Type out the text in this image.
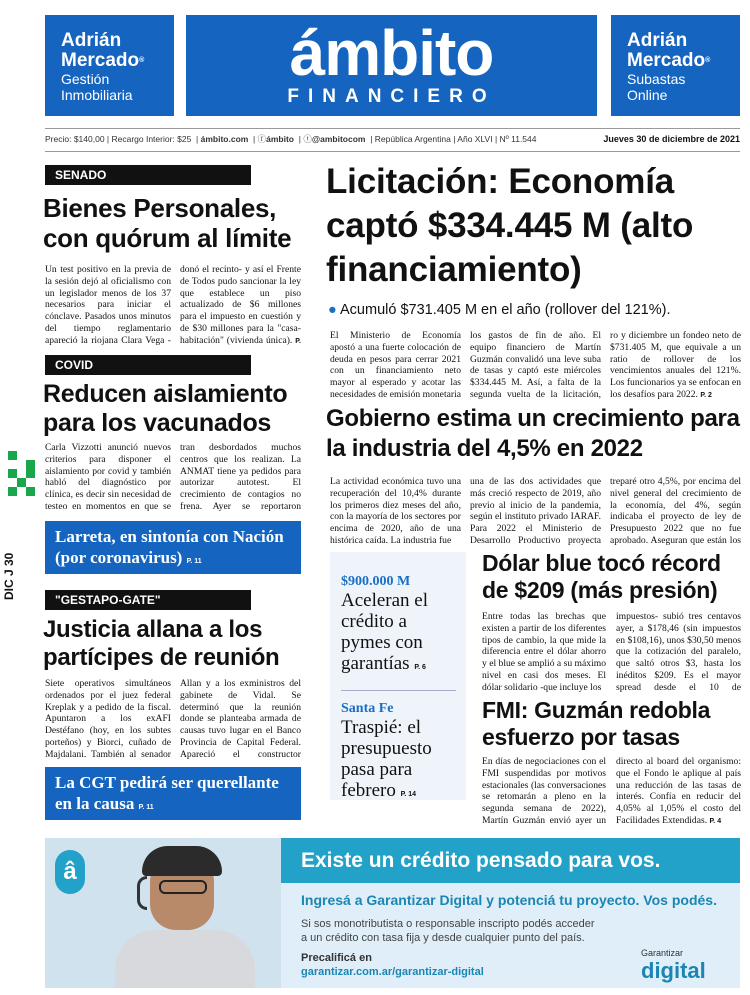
Adrián
Mercado®
Gestión
Inmobiliaria
ámbito
FINANCIERO
Adrián
Mercado®
Subastas
Online
Precio: $140,00 | Recargo Interior: $25  | ámbito.com  | ⓕámbito  | ⓣ@ambitocom  | República Argentina | Año XLVI | Nº 11.544	Jueves 30 de diciembre de 2021
DIC J 30
SENADO
Bienes Personales, con quórum al límite
Un test positivo en la previa de la sesión dejó al oficialismo con un legislador menos de los 37 necesarios para iniciar el cónclave. Pasados unos minutos del tiempo reglamentario apareció la riojana Clara Vega -
donó el recinto- y así el Frente de Todos pudo sancionar la ley que establece un piso actualizado de $6 millones para el impuesto en cuestión y de $30 millones para la "casa-habitación" (vivienda única). P.
COVID
Reducen aislamiento para los vacunados
Carla Vizzotti anunció nuevos criterios para disponer el aislamiento por covid y también habló del diagnóstico por clínica, es decir sin necesidad de testeo en momentos en que se
tran desbordados muchos centros que los realizan. La ANMAT tiene ya pedidos para autorizar autotest. El crecimiento de contagios no frena. Ayer se reportaron
Larreta, en sintonía con Nación (por coronavirus) P. 11
"GESTAPO-GATE"
Justicia allana a los partícipes de reunión
Siete operativos simultáneos ordenados por el juez federal Kreplak y a pedido de la fiscal. Apuntaron a los exAFI Destéfano (hoy, en los subtes porteños) y Biorci, cuñado de Majdalani. También al senador
Allan y a los exministros del gabinete de Vidal. Se determinó que la reunión donde se planteaba armada de causas tuvo lugar en el Banco Provincia de Capital Federal. Apareció el constructor
La CGT pedirá ser querellante en la causa P. 11
Licitación: Economía captó $334.445 M (alto financiamiento)
● Acumuló $731.405 M en el año (rollover del 121%).
El Ministerio de Economía apostó a una fuerte colocación de deuda en pesos para cerrar 2021 con un financiamiento neto mayor al esperado y acotar las necesidades de emisión monetaria
los gastos de fin de año. El equipo financiero de Martín Guzmán convalidó una leve suba de tasas y captó este miércoles $334.445 M. Así, a falta de la segunda vuelta de la licitación,
ro y diciembre un fondeo neto de $731.405 M, que equivale a un ratio de rollover de los vencimientos anuales del 121%. Los funcionarios ya se enfocan en los desafíos para 2022. P. 2
Gobierno estima un crecimiento para la industria del 4,5% en 2022
La actividad económica tuvo una recuperación del 10,4% durante los primeros diez meses del año, con la mayoría de los sectores por encima de 2020, año de una histórica caída. La industria fue
una de las dos actividades que más creció respecto de 2019, año previo al inicio de la pandemia, según el instituto privado IARAF. Para 2022 el Ministerio de Desarrollo Productivo proyecta
treparé otro 4,5%, por encima del nivel general del crecimiento de la economía, del 4%, según indicaba el proyecto de ley de Presupuesto 2022 que no fue aprobado. Aseguran que están los
$900.000 M
Aceleran el crédito a pymes con garantías P. 6
Santa Fe
Traspié: el presupuesto pasa para febrero P. 14
Dólar blue tocó récord de $209 (más presión)
Entre todas las brechas que existen a partir de los diferentes tipos de cambio, la que mide la diferencia entre el dólar ahorro y el blue se amplió a su máximo nivel en casi dos meses. El dólar solidario -que incluye los
impuestos- subió tres centavos ayer, a $178,46 (sin impuestos en $108,16), unos $30,50 menos que la cotización del paralelo, que saltó otros $3, hasta los inéditos $209. Es el mayor spread desde el 10 de
FMI: Guzmán redobla esfuerzo por tasas
En días de negociaciones con el FMI suspendidas por motivos estacionales (las conversaciones se retomarán a pleno en la segunda semana de 2022), Martín Guzmán envió ayer un
directo al board del organismo: que el Fondo le aplique al país una reducción de las tasas de interés. Confía en reducir del 4,05% al 1,05% el costo del Facilidades Extendidas. P. 4
â	Existe un crédito pensado para vos.
Ingresá a Garantizar Digital y potenciá tu proyecto. Vos podés.
Si sos monotributista o responsable inscripto podés acceder a un crédito con tasa fija y desde cualquier punto del país.
Precalificá en
garantizar.com.ar/garantizar-digital
Garantizar
digital
